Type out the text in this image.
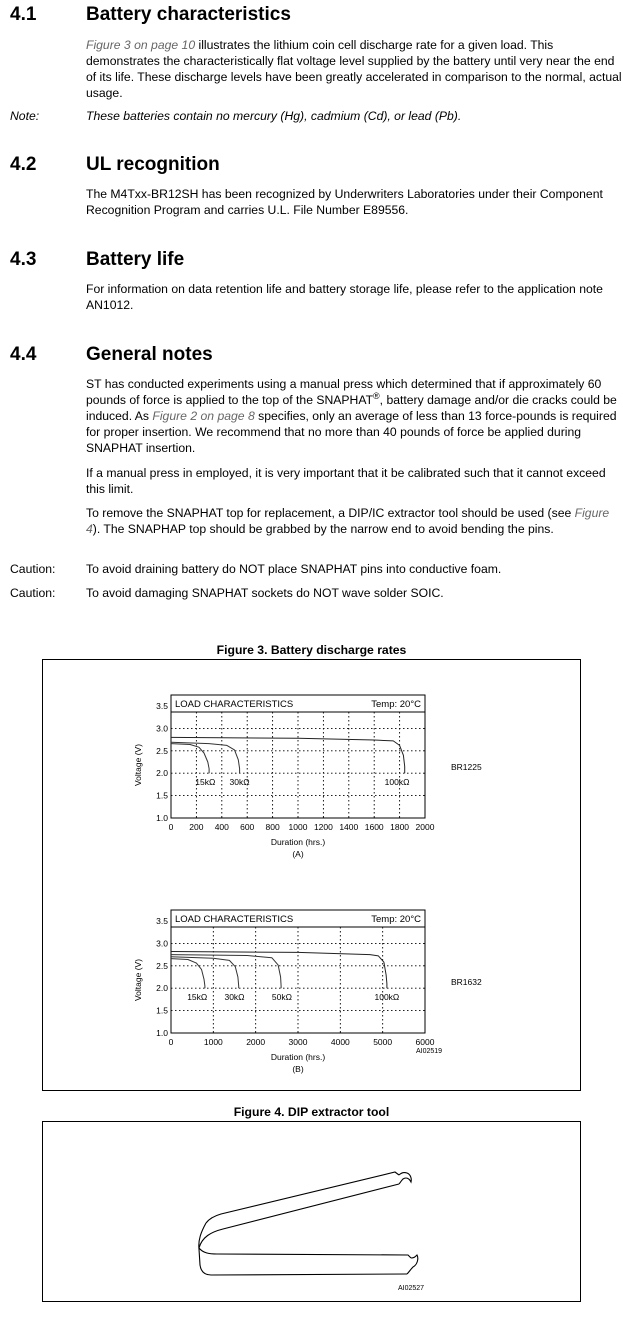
4.1	Battery characteristics
Figure 3 on page 10 illustrates the lithium coin cell discharge rate for a given load. This demonstrates the characteristically flat voltage level supplied by the battery until very near the end of its life. These discharge levels have been greatly accelerated in comparison to the normal, actual usage.
Note:	These batteries contain no mercury (Hg), cadmium (Cd), or lead (Pb).
4.2	UL recognition
The M4Txx-BR12SH has been recognized by Underwriters Laboratories under their Component Recognition Program and carries U.L. File Number E89556.
4.3	Battery life
For information on data retention life and battery storage life, please refer to the application note AN1012.
4.4	General notes
ST has conducted experiments using a manual press which determined that if approximately 60 pounds of force is applied to the top of the SNAPHAT®, battery damage and/or die cracks could be induced. As Figure 2 on page 8 specifies, only an average of less than 13 force-pounds is required for proper insertion. We recommend that no more than 40 pounds of force be applied during SNAPHAT insertion.
If a manual press in employed, it is very important that it be calibrated such that it cannot exceed this limit.
To remove the SNAPHAT top for replacement, a DIP/IC extractor tool should be used (see Figure 4). The SNAPHAP top should be grabbed by the narrow end to avoid bending the pins.
Caution:	To avoid draining battery do NOT place SNAPHAT pins into conductive foam.
Caution:	To avoid damaging SNAPHAT sockets do NOT wave solder SOIC.
Figure 3. Battery discharge rates
LOAD CHARACTERISTICS	Temp: 20°C
0 200 400 600 800 1000 1200 1400 1600 1800 2000
1.0
1.5
2.0
2.5
3.0
3.5
Duration (hrs.)
(A)
Voltage (V)	BR1225
15kΩ 30kΩ	100kΩ
LOAD CHARACTERISTICS	Temp: 20°C
0	1000	2000	3000	4000	5000	6000
1.0
1.5
2.0
2.5
3.0
3.5
Duration (hrs.)
(B)
Voltage (V)	BR1632
15kΩ 30kΩ	50kΩ	100kΩ
AI02519
Figure 4. DIP extractor tool
AI02527
